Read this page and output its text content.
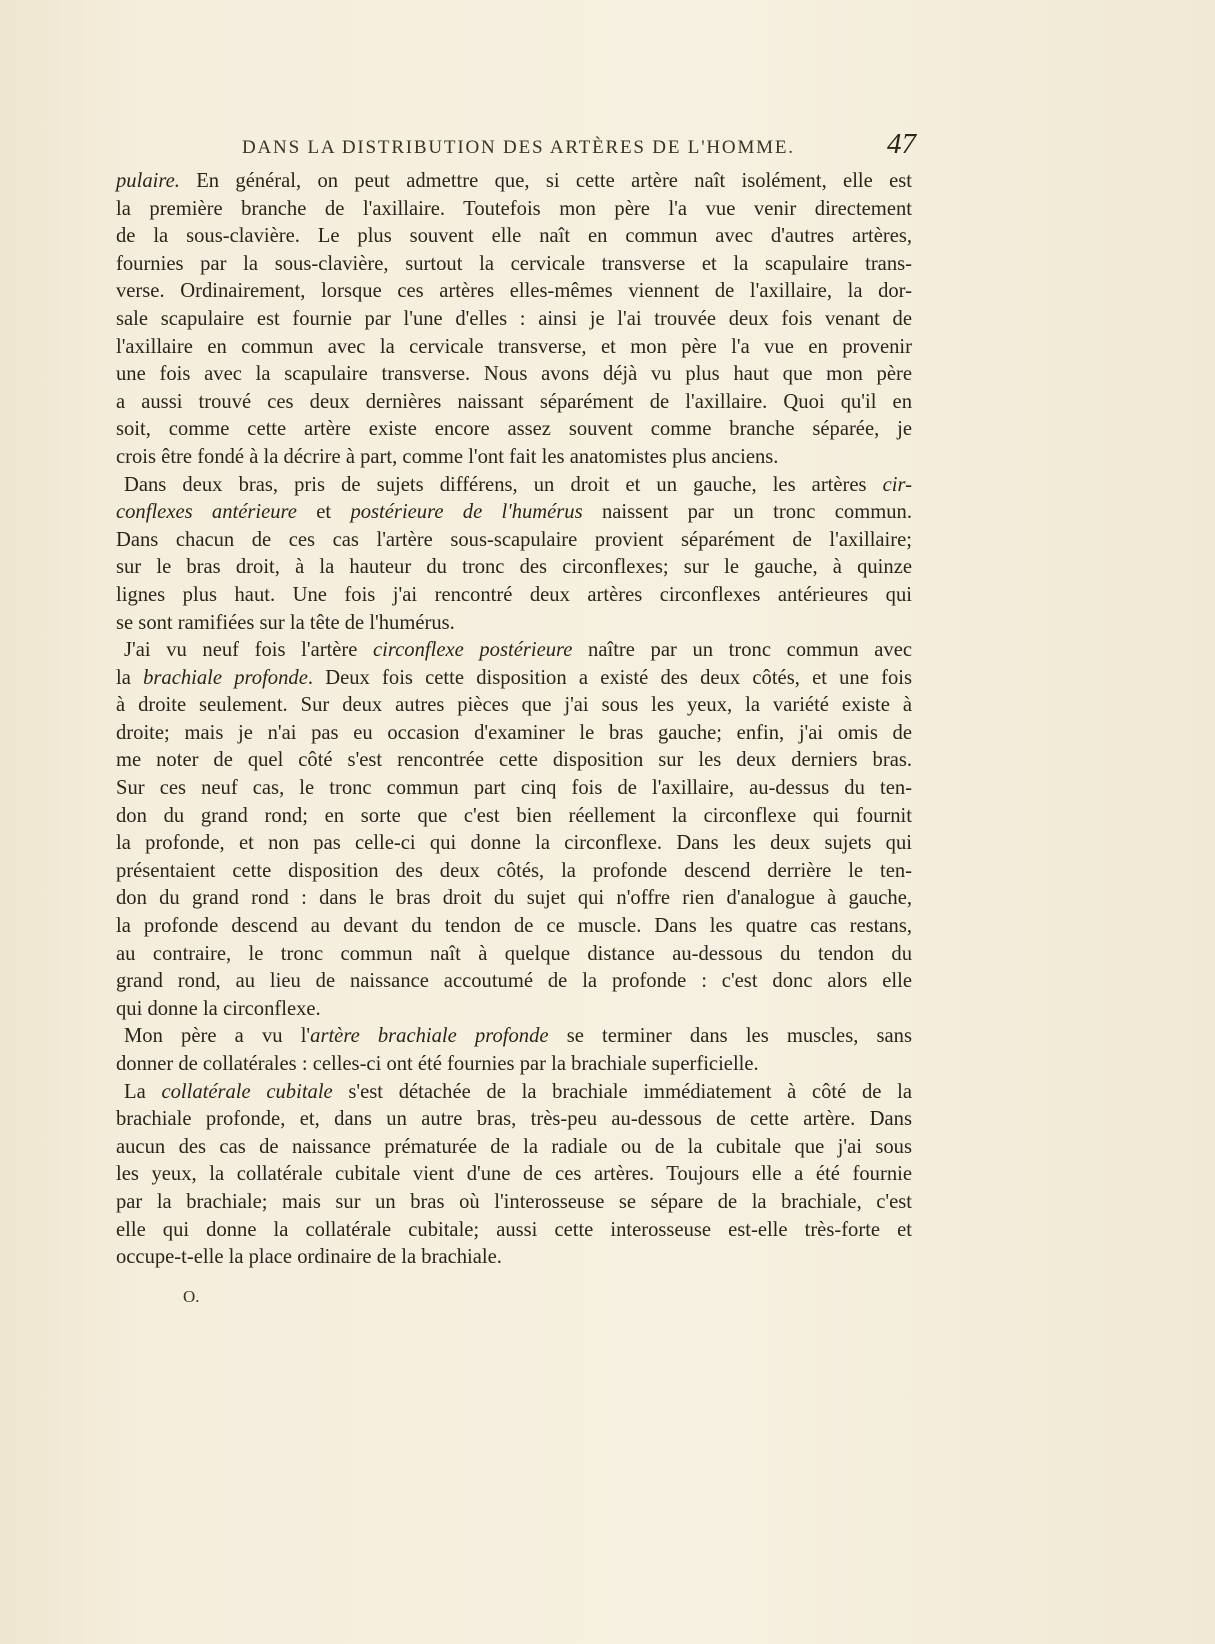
DANS LA DISTRIBUTION DES ARTÈRES DE L'HOMME.	47
pulaire. En général, on peut admettre que, si cette artère naît isolément, elle est
la première branche de l'axillaire. Toutefois mon père l'a vue venir directement
de la sous-clavière. Le plus souvent elle naît en commun avec d'autres artères,
fournies par la sous-clavière, surtout la cervicale transverse et la scapulaire trans-
verse. Ordinairement, lorsque ces artères elles-mêmes viennent de l'axillaire, la dor-
sale scapulaire est fournie par l'une d'elles : ainsi je l'ai trouvée deux fois venant de
l'axillaire en commun avec la cervicale transverse, et mon père l'a vue en provenir
une fois avec la scapulaire transverse. Nous avons déjà vu plus haut que mon père
a aussi trouvé ces deux dernières naissant séparément de l'axillaire. Quoi qu'il en
soit, comme cette artère existe encore assez souvent comme branche séparée, je
crois être fondé à la décrire à part, comme l'ont fait les anatomistes plus anciens.
Dans deux bras, pris de sujets différens, un droit et un gauche, les artères cir-
conflexes antérieure et postérieure de l'humérus naissent par un tronc commun.
Dans chacun de ces cas l'artère sous-scapulaire provient séparément de l'axillaire;
sur le bras droit, à la hauteur du tronc des circonflexes; sur le gauche, à quinze
lignes plus haut. Une fois j'ai rencontré deux artères circonflexes antérieures qui
se sont ramifiées sur la tête de l'humérus.
J'ai vu neuf fois l'artère circonflexe postérieure naître par un tronc commun avec
la brachiale profonde. Deux fois cette disposition a existé des deux côtés, et une fois
à droite seulement. Sur deux autres pièces que j'ai sous les yeux, la variété existe à
droite; mais je n'ai pas eu occasion d'examiner le bras gauche; enfin, j'ai omis de
me noter de quel côté s'est rencontrée cette disposition sur les deux derniers bras.
Sur ces neuf cas, le tronc commun part cinq fois de l'axillaire, au-dessus du ten-
don du grand rond; en sorte que c'est bien réellement la circonflexe qui fournit
la profonde, et non pas celle-ci qui donne la circonflexe. Dans les deux sujets qui
présentaient cette disposition des deux côtés, la profonde descend derrière le ten-
don du grand rond : dans le bras droit du sujet qui n'offre rien d'analogue à gauche,
la profonde descend au devant du tendon de ce muscle. Dans les quatre cas restans,
au contraire, le tronc commun naît à quelque distance au-dessous du tendon du
grand rond, au lieu de naissance accoutumé de la profonde : c'est donc alors elle
qui donne la circonflexe.
Mon père a vu l'artère brachiale profonde se terminer dans les muscles, sans
donner de collatérales : celles-ci ont été fournies par la brachiale superficielle.
La collatérale cubitale s'est détachée de la brachiale immédiatement à côté de la
brachiale profonde, et, dans un autre bras, très-peu au-dessous de cette artère. Dans
aucun des cas de naissance prématurée de la radiale ou de la cubitale que j'ai sous
les yeux, la collatérale cubitale vient d'une de ces artères. Toujours elle a été fournie
par la brachiale; mais sur un bras où l'interosseuse se sépare de la brachiale, c'est
elle qui donne la collatérale cubitale; aussi cette interosseuse est-elle très-forte et
occupe-t-elle la place ordinaire de la brachiale.
O.
